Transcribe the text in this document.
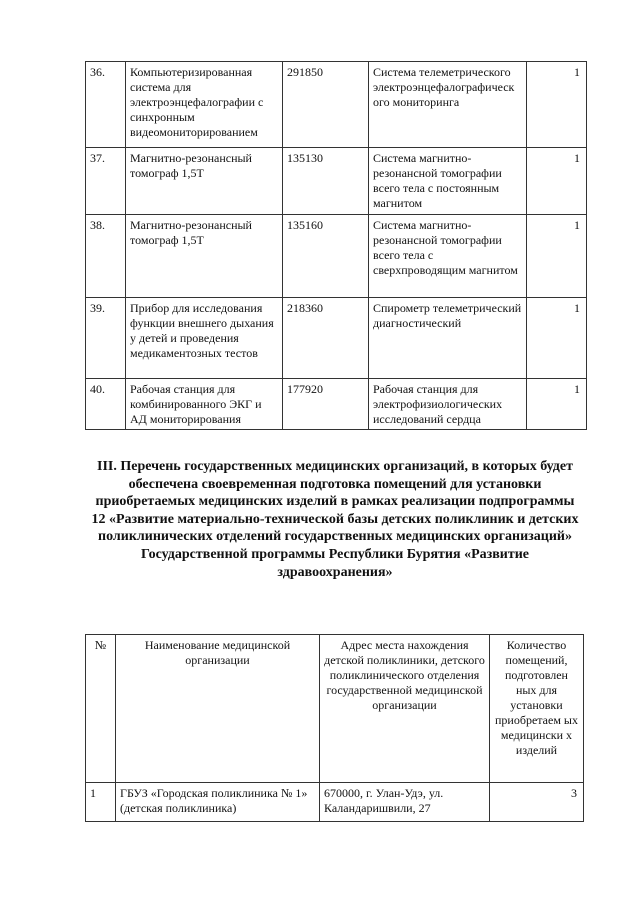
36.	Компьютеризированная система для электроэнцефалографии с синхронным видеомониторированием	291850	Система телеметрического электроэнцефалографическ ого мониторинга	1
37.	Магнитно-резонансный томограф 1,5Т	135130	Система магнитно-резонансной томографии всего тела с постоянным магнитом	1
38.	Магнитно-резонансный томограф 1,5Т	135160	Система магнитно-резонансной томографии всего тела с сверхпроводящим магнитом	1
39.	Прибор для исследования функции внешнего дыхания у детей и проведения медикаментозных тестов	218360	Спирометр телеметрический диагностический	1
40.	Рабочая станция для комбинированного ЭКГ и АД мониторирования	177920	Рабочая станция для электрофизиологических исследований сердца	1
III. Перечень государственных медицинских организаций, в которых будет обеспечена своевременная подготовка помещений для установки приобретаемых медицинских изделий в рамках реализации подпрограммы 12 «Развитие материально-технической базы детских поликлиник и детских поликлинических отделений государственных медицинских организаций» Государственной программы Республики Бурятия «Развитие здравоохранения»
№	Наименование медицинской организации	Адрес места нахождения детской поликлиники, детского поликлинического отделения государственной медицинской организации	Количество помещений, подготовлен ных для установки приобретаем ых медицински х изделий
1	ГБУЗ «Городская поликлиника № 1» (детская поликлиника)	670000, г. Улан-Удэ, ул. Каландаришвили, 27	3
